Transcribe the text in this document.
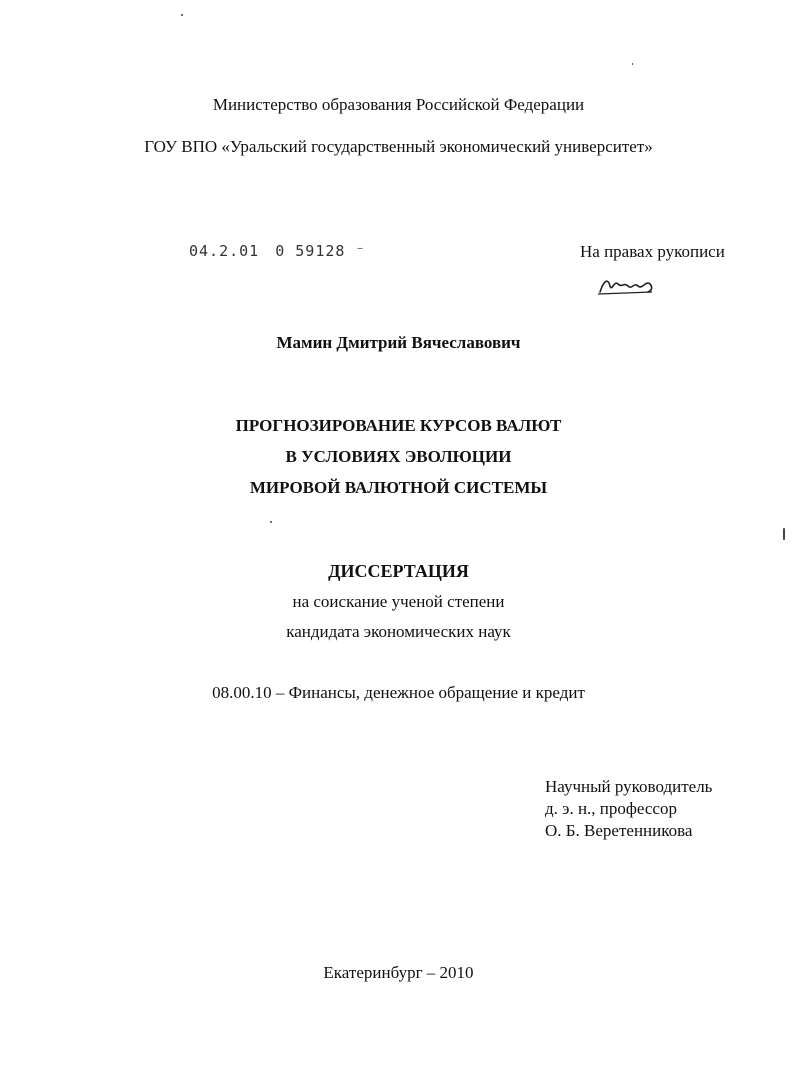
Министерство образования Российской Федерации
ГОУ ВПО «Уральский государственный экономический университет»
04.2.01 0 59128 ⁻	На правах рукописи
Мамин Дмитрий Вячеславович
ПРОГНОЗИРОВАНИЕ КУРСОВ ВАЛЮТ
В УСЛОВИЯХ ЭВОЛЮЦИИ
МИРОВОЙ ВАЛЮТНОЙ СИСТЕМЫ
ДИССЕРТАЦИЯ
на соискание ученой степени
кандидата экономических наук
08.00.10 – Финансы, денежное обращение и кредит
Научный руководитель
д. э. н., профессор
О. Б. Веретенникова
Екатеринбург – 2010
